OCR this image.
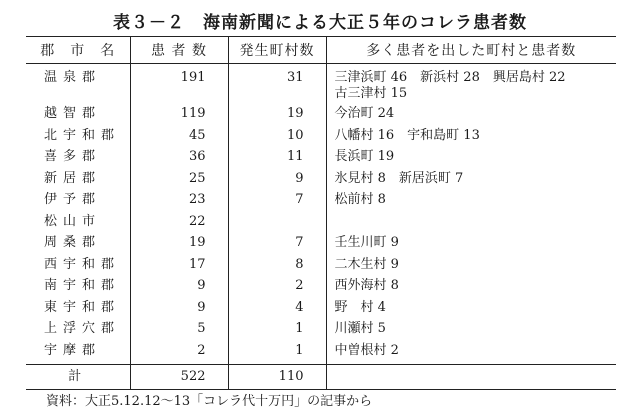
表３－２　海南新聞による大正５年のコレラ患者数
郡　市　名	患 者 数	発生町村数	多く患者を出した町村と患者数
温泉郡	191	31	三津浜町 46　新浜村 28　興居島村 22
古三津村 15
越智郡	119	19	今治町 24
北宇和郡	45	10	八幡村 16　宇和島町 13
喜多郡	36	11	長浜町 19
新居郡	25	9	氷見村 8　新居浜町 7
伊予郡	23	7	松前村 8
松山市	22		
周桑郡	19	7	壬生川町 9
西宇和郡	17	8	二木生村 9
南宇和郡	9	2	西外海村 8
東宇和郡	9	4	野　村 4
上浮穴郡	5	1	川瀬村 5
宇摩郡	2	1	中曽根村 2
計	522	110	
資料：大正5.12.12～13「コレラ代十万円」の記事から
